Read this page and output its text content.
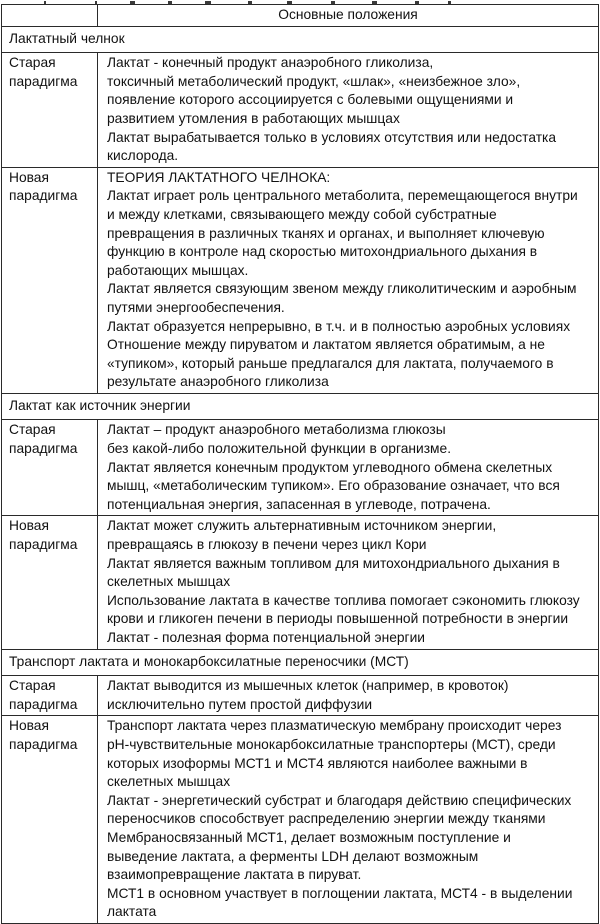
	Основные положения
Лактатный челнок	
Старая парадигма	Лактат - конечный продукт анаэробного гликолиза,
токсичный метаболический продукт, «шлак», «неизбежное зло», появление которого ассоциируется с болевыми ощущениями и развитием утомления в работающих мышцах
Лактат вырабатывается только в условиях отсутствия или недостатка кислорода.

Новая парадигма	ТЕОРИЯ ЛАКТАТНОГО ЧЕЛНОКА:
Лактат играет роль центрального метаболита, перемещающегося внутри и между клетками, связывающего между собой субстратные превращения в различных тканях и органах, и выполняет ключевую функцию в контроле над скоростью митохондриального дыхания в работающих мышцах.
Лактат является связующим звеном между гликолитическим и аэробным путями энергообеспечения.
Лактат образуется непрерывно, в т.ч. и в полностью аэробных условиях
Отношение между пируватом и лактатом является обратимым, а не «тупиком», который раньше предлагался для лактата, получаемого в результате анаэробного гликолиза

Лактат как источник энергии	
Старая парадигма	Лактат – продукт анаэробного метаболизма глюкозы
без какой-либо положительной функции в организме.
Лактат является конечным продуктом углеводного обмена скелетных мышц, «метаболическим тупиком». Его образование означает, что вся потенциальная энергия, запасенная в углеводе, потрачена.

Новая парадигма	Лактат может служить альтернативным источником энергии, превращаясь в глюкозу в печени через цикл Кори
Лактат является важным топливом для митохондриального дыхания в скелетных мышцах
Использование лактата в качестве топлива помогает сэкономить глюкозу крови и гликоген печени в периоды повышенной потребности в энергии
Лактат - полезная форма потенциальной энергии

Транспорт лактата и монокарбоксилатные переносчики (МСТ)	
Старая парадигма	Лактат выводится из мышечных клеток (например, в кровоток)
исключительно путем простой диффузии

Новая парадигма	Транспорт лактата через плазматическую мембрану происходит через pH-чувствительные монокарбоксилатные транспортеры (МСТ), среди которых изоформы МСТ1 и МСТ4 являются наиболее важными в скелетных мышцах
Лактат - энергетический субстрат и благодаря действию специфических переносчиков способствует распределению энергии между тканями
Мембраносвязанный МСТ1, делает возможным поступление и выведение лактата, а ферменты LDH делают возможным взаимопревращение лактата в пируват.
МСТ1 в основном участвует в поглощении лактата, МСТ4 - в выделении лактата
